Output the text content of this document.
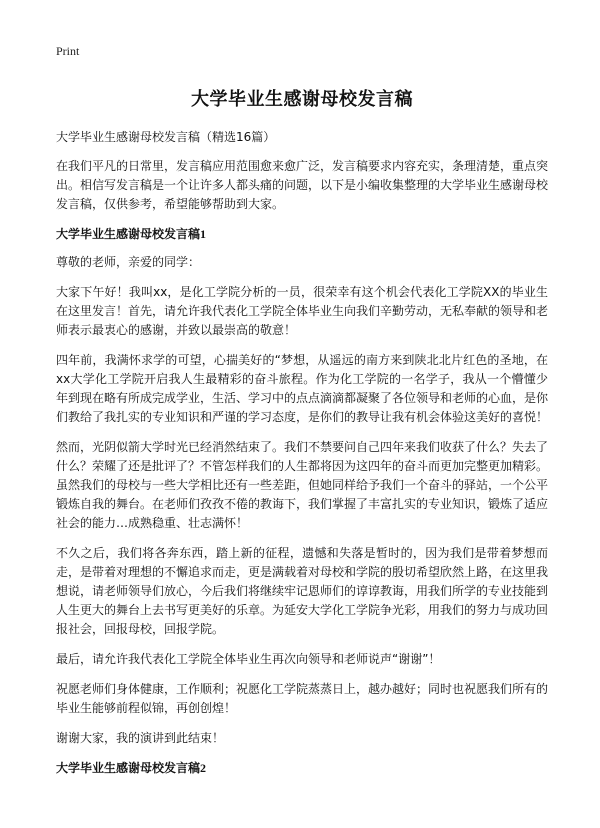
Print
大学毕业生感谢母校发言稿
大学毕业生感谢母校发言稿（精选16篇）

在我们平凡的日常里，发言稿应用范围愈来愈广泛，发言稿要求内容充实，条理清楚，重点突出。相信写发言稿是一个让许多人都头痛的问题，以下是小编收集整理的大学毕业生感谢母校发言稿，仅供参考，希望能够帮助到大家。

大学毕业生感谢母校发言稿1

尊敬的老师，亲爱的同学：

大家下午好！我叫xx，是化工学院分析的一员，很荣幸有这个机会代表化工学院XX的毕业生在这里发言！首先，请允许我代表化工学院全体毕业生向我们辛勤劳动，无私奉献的领导和老师表示最衷心的感谢，并致以最崇高的敬意！

四年前，我满怀求学的可望，心揣美好的“梦想，从遥远的南方来到陕北北片红色的圣地，在xx大学化工学院开启我人生最精彩的奋斗旅程。作为化工学院的一名学子，我从一个懵懂少年到现在略有所成完成学业，生活、学习中的点点滴滴都凝聚了各位领导和老师的心血，是你们教给了我扎实的专业知识和严谨的学习态度，是你们的教导让我有机会体验这美好的喜悦！

然而，光阴似箭大学时光已经消然结束了。我们不禁要问自己四年来我们收获了什么？失去了什么？荣耀了还是批评了？不管怎样我们的人生都将因为这四年的奋斗而更加完整更加精彩。虽然我们的母校与一些大学相比还有一些差距，但她同样给予我们一个奋斗的驿站，一个公平锻炼自我的舞台。在老师们孜孜不倦的教诲下，我们掌握了丰富扎实的专业知识，锻炼了适应社会的能力…成熟稳重、壮志满怀！

不久之后，我们将各奔东西，踏上新的征程，遗憾和失落是暂时的，因为我们是带着梦想而走，是带着对理想的不懈追求而走，更是满载着对母校和学院的殷切希望欣然上路，在这里我想说，请老师领导们放心，今后我们将继续牢记恩师们的谆谆教诲，用我们所学的专业技能到人生更大的舞台上去书写更美好的乐章。为延安大学化工学院争光彩，用我们的努力与成功回报社会，回报母校，回报学院。

最后，请允许我代表化工学院全体毕业生再次向领导和老师说声“谢谢”！

祝愿老师们身体健康，工作顺利；祝愿化工学院蒸蒸日上，越办越好；同时也祝愿我们所有的毕业生能够前程似锦，再创创煌！

谢谢大家，我的演讲到此结束！

大学毕业生感谢母校发言稿2
